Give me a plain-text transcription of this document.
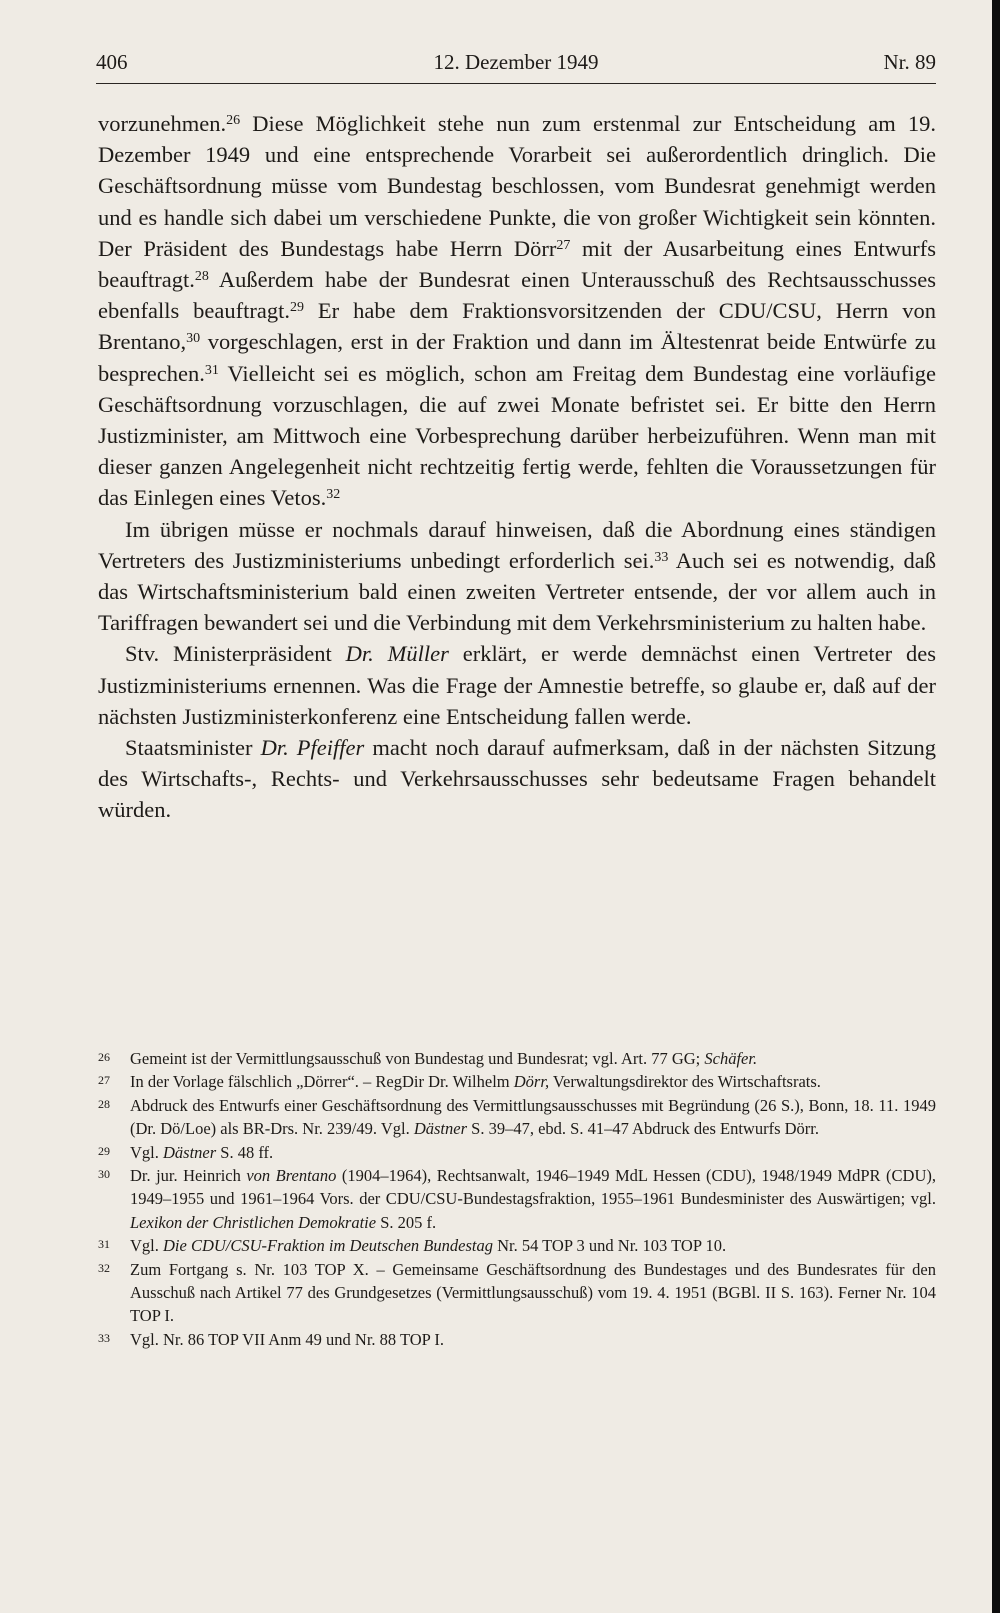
406	12. Dezember 1949	Nr. 89

vorzunehmen.$^{26}$ Diese Möglichkeit stehe nun zum erstenmal zur Entscheidung am 19. Dezember 1949 und eine entsprechende Vorarbeit sei außerordentlich dringlich. Die Geschäftsordnung müsse vom Bundestag beschlossen, vom Bundesrat genehmigt werden und es handle sich dabei um verschiedene Punkte, die von großer Wichtigkeit sein könnten. Der Präsident des Bundestags habe Herrn Dörr$^{27}$ mit der Ausarbeitung eines Entwurfs beauftragt.$^{28}$ Außerdem habe der Bundesrat einen Unterausschuß des Rechtsausschusses ebenfalls beauftragt.$^{29}$ Er habe dem Fraktionsvorsitzenden der CDU/CSU, Herrn von Brentano,$^{30}$ vorgeschlagen, erst in der Fraktion und dann im Ältestenrat beide Entwürfe zu besprechen.$^{31}$ Vielleicht sei es möglich, schon am Freitag dem Bundestag eine vorläufige Geschäftsordnung vorzuschlagen, die auf zwei Monate befristet sei. Er bitte den Herrn Justizminister, am Mittwoch eine Vorbesprechung darüber herbeizuführen. Wenn man mit dieser ganzen Angelegenheit nicht rechtzeitig fertig werde, fehlten die Voraussetzungen für das Einlegen eines Vetos.$^{32}$

Im übrigen müsse er nochmals darauf hinweisen, daß die Abordnung eines ständigen Vertreters des Justizministeriums unbedingt erforderlich sei.$^{33}$ Auch sei es notwendig, daß das Wirtschaftsministerium bald einen zweiten Vertreter entsende, der vor allem auch in Tariffragen bewandert sei und die Verbindung mit dem Verkehrsministerium zu halten habe.

Stv. Ministerpräsident Dr. Müller erklärt, er werde demnächst einen Vertreter des Justizministeriums ernennen. Was die Frage der Amnestie betreffe, so glaube er, daß auf der nächsten Justizministerkonferenz eine Entscheidung fallen werde.

Staatsminister Dr. Pfeiffer macht noch darauf aufmerksam, daß in der nächsten Sitzung des Wirtschafts-, Rechts- und Verkehrsausschusses sehr bedeutsame Fragen behandelt würden.

26 Gemeint ist der Vermittlungsausschuß von Bundestag und Bundesrat; vgl. Art. 77 GG; Schäfer.
27 In der Vorlage fälschlich „Dörrer“. – RegDir Dr. Wilhelm Dörr, Verwaltungsdirektor des Wirtschaftsrats.
28 Abdruck des Entwurfs einer Geschäftsordnung des Vermittlungsausschusses mit Begründung (26 S.), Bonn, 18. 11. 1949 (Dr. Dö/Loe) als BR-Drs. Nr. 239/49. Vgl. Dästner S. 39–47, ebd. S. 41–47 Abdruck des Entwurfs Dörr.
29 Vgl. Dästner S. 48 ff.
30 Dr. jur. Heinrich von Brentano (1904–1964), Rechtsanwalt, 1946–1949 MdL Hessen (CDU), 1948/1949 MdPR (CDU), 1949–1955 und 1961–1964 Vors. der CDU/CSU-Bundestagsfraktion, 1955–1961 Bundesminister des Auswärtigen; vgl. Lexikon der Christlichen Demokratie S. 205 f.
31 Vgl. Die CDU/CSU-Fraktion im Deutschen Bundestag Nr. 54 TOP 3 und Nr. 103 TOP 10.
32 Zum Fortgang s. Nr. 103 TOP X. – Gemeinsame Geschäftsordnung des Bundestages und des Bundesrates für den Ausschuß nach Artikel 77 des Grundgesetzes (Vermittlungsausschuß) vom 19. 4. 1951 (BGBl. II S. 163). Ferner Nr. 104 TOP I.
33 Vgl. Nr. 86 TOP VII Anm 49 und Nr. 88 TOP I.
